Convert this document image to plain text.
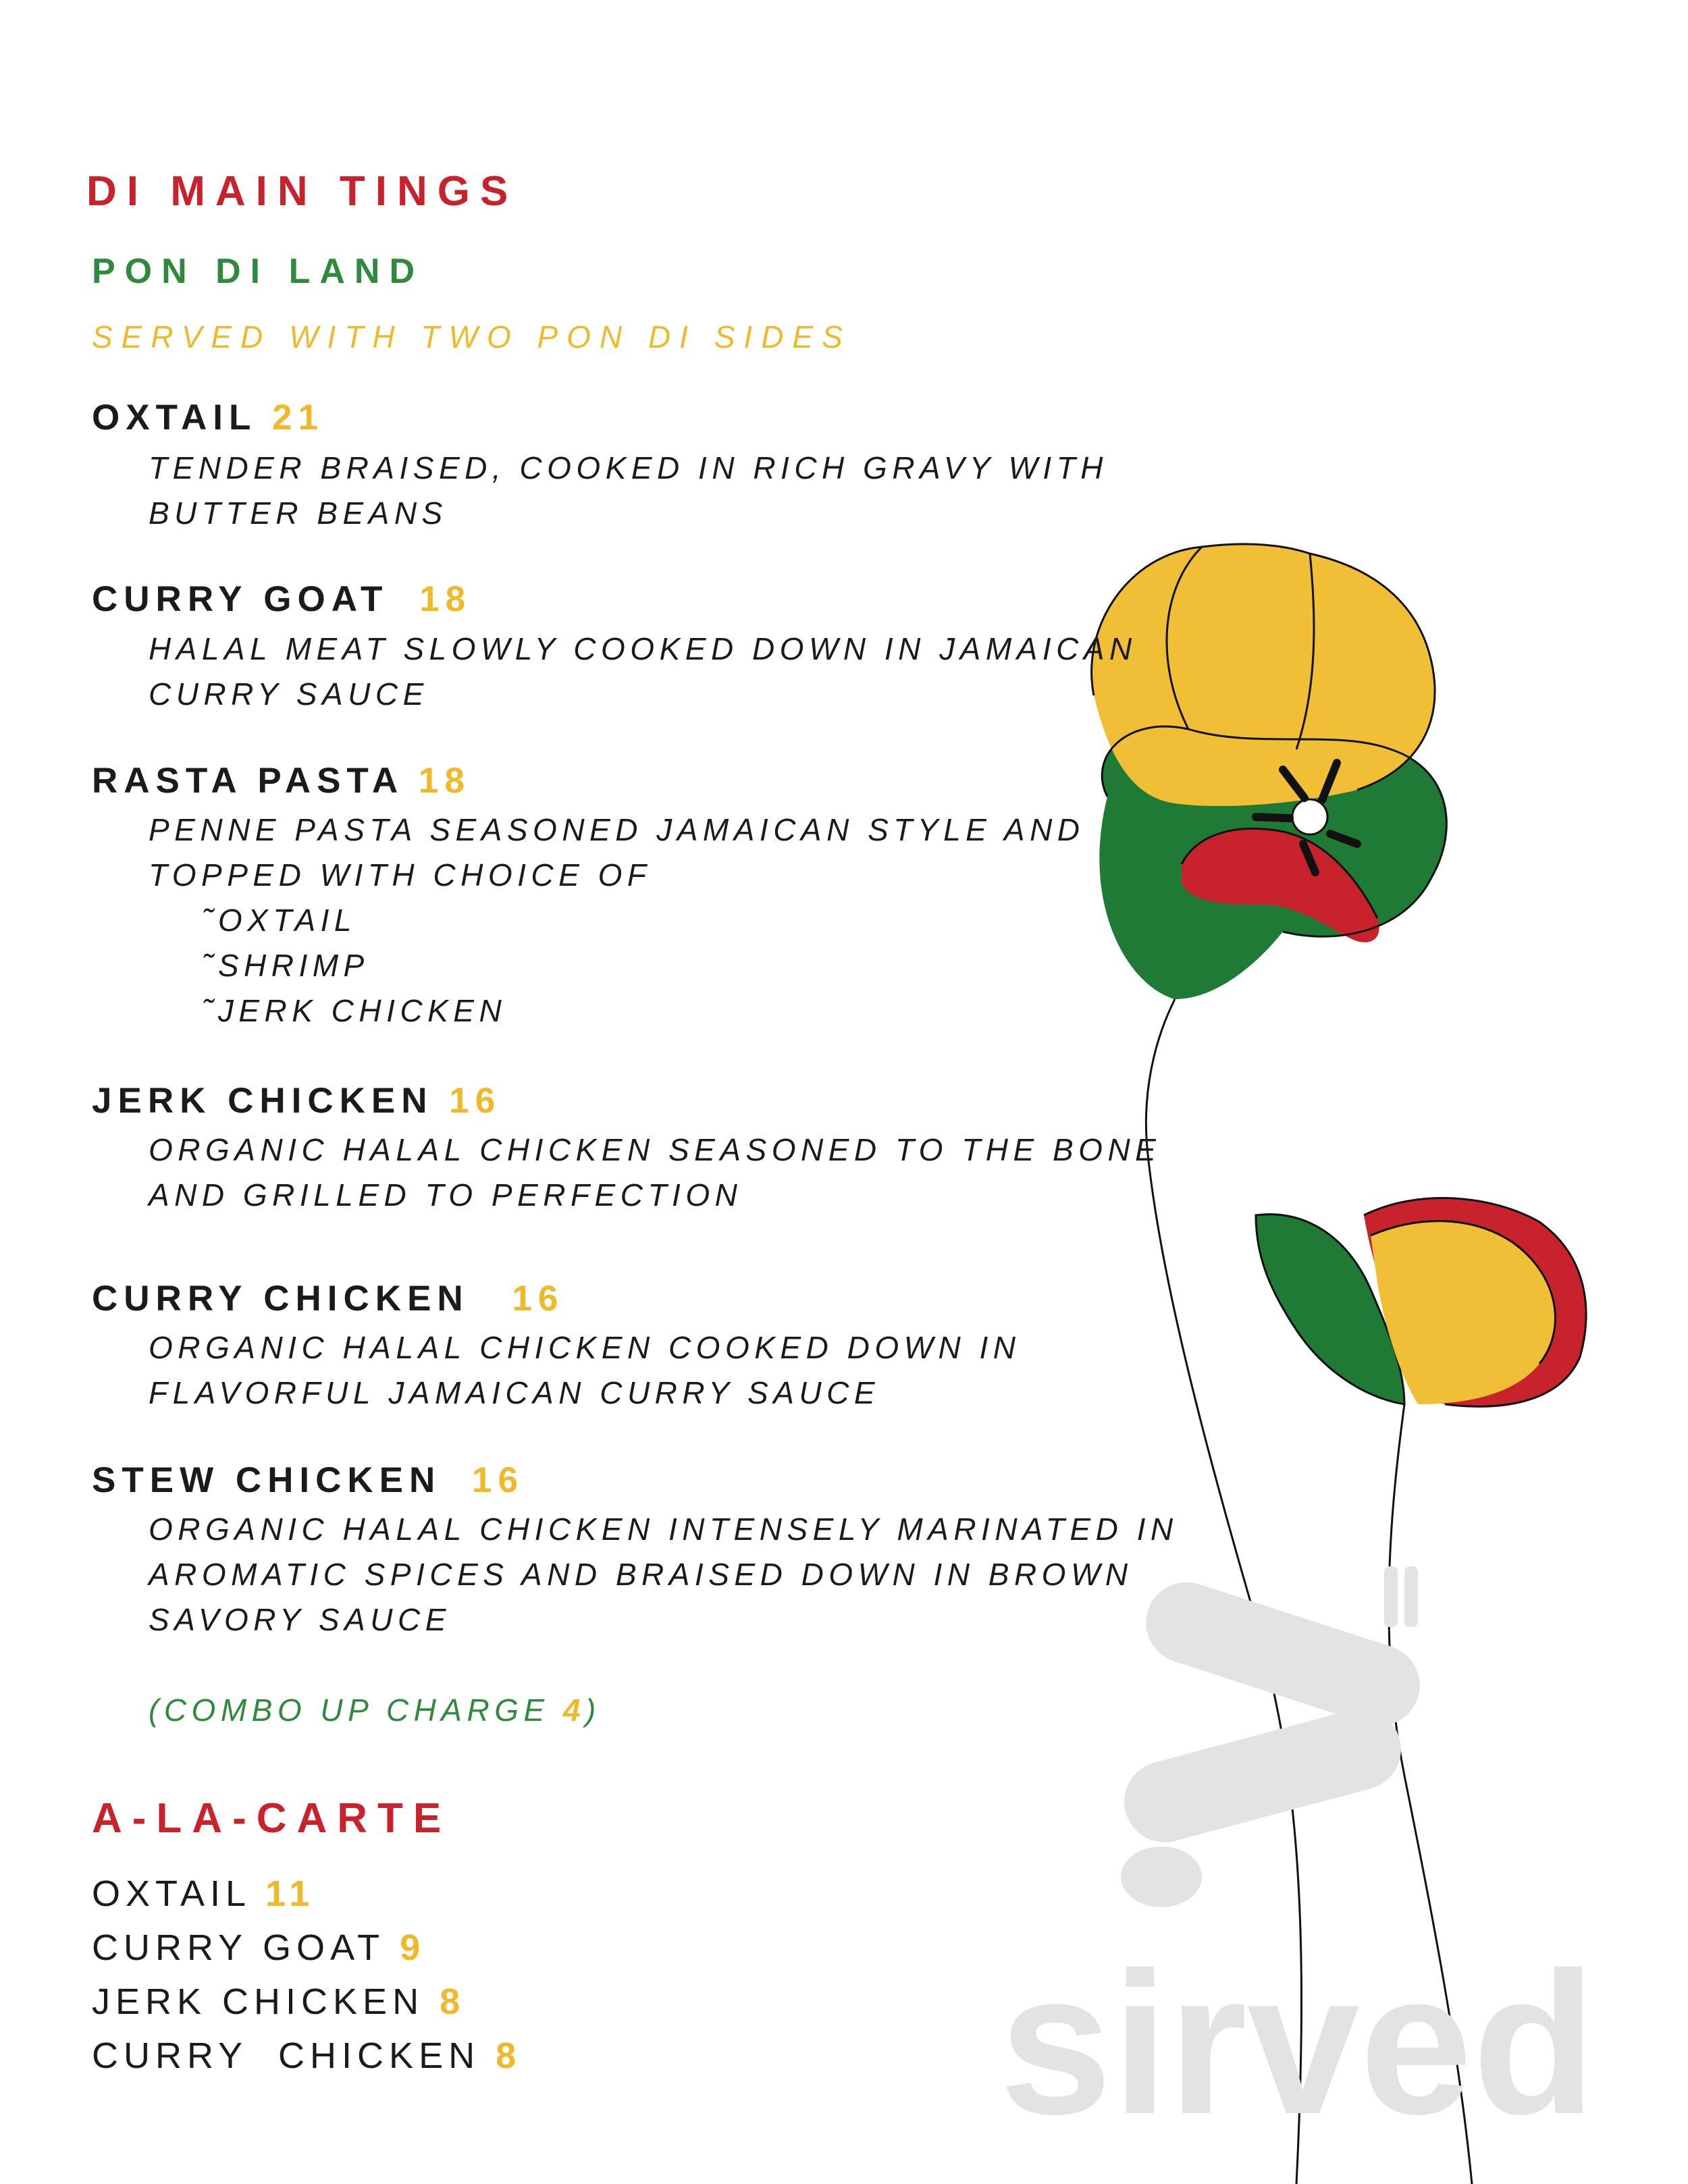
sirved
DI MAIN TINGS
PON DI LAND
SERVED WITH TWO PON DI SIDES
OXTAIL 21
TENDER BRAISED, COOKED IN RICH GRAVY WITH
BUTTER BEANS
CURRY GOAT 18
HALAL MEAT SLOWLY COOKED DOWN IN JAMAICAN
CURRY SAUCE
RASTA PASTA 18
PENNE PASTA SEASONED JAMAICAN STYLE AND
TOPPED WITH CHOICE OF
˜OXTAIL
˜SHRIMP
˜JERK CHICKEN
JERK CHICKEN 16
ORGANIC HALAL CHICKEN SEASONED TO THE BONE
AND GRILLED TO PERFECTION
CURRY CHICKEN 16
ORGANIC HALAL CHICKEN COOKED DOWN IN
FLAVORFUL JAMAICAN CURRY SAUCE
STEW CHICKEN 16
ORGANIC HALAL CHICKEN INTENSELY MARINATED IN
AROMATIC SPICES AND BRAISED DOWN IN BROWN
SAVORY SAUCE
(COMBO UP CHARGE 4)
A-LA-CARTE
OXTAIL 11
CURRY GOAT 9
JERK CHICKEN 8
CURRY  CHICKEN 8
